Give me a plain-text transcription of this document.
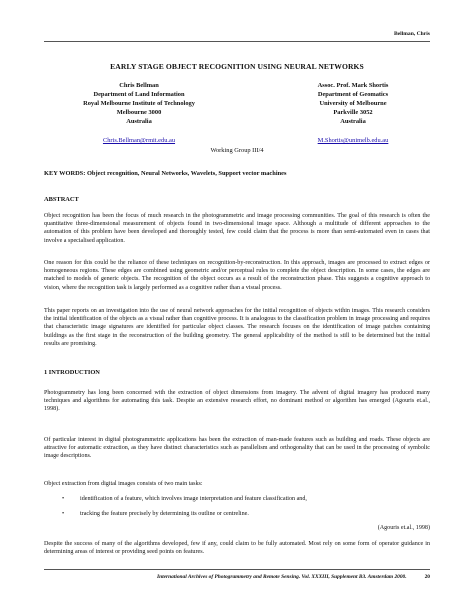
Bellman, Chris
EARLY STAGE OBJECT RECOGNITION USING NEURAL NETWORKS
Chris Bellman
Department of Land Information
Royal Melbourne Institute of Technology
Melbourne 3000
Australia
Chris.Bellman@rmit.edu.au
Assoc. Prof. Mark Shortis
Department of Geomatics
University of Melbourne
Parkville 3052
Australia
M.Shortis@unimelb.edu.au
Working Group III/4
KEY WORDS: Object recognition, Neural Networks, Wavelets, Support vector machines
ABSTRACT
Object recognition has been the focus of much research in the photogrammetric and image processing communities. The goal of this research is often the quantitative three-dimensional measurement of objects found in two-dimensional image space. Although a multitude of different approaches to the automation of this problem have been developed and thoroughly tested, few could claim that the process is more than semi-automated even in cases that involve a specialised application.
One reason for this could be the reliance of these techniques on recognition-by-reconstruction. In this approach, images are processed to extract edges or homogeneous regions. These edges are combined using geometric and/or perceptual rules to complete the object description. In some cases, the edges are matched to models of generic objects. The recognition of the object occurs as a result of the reconstruction phase. This suggests a cognitive approach to vision, where the recognition task is largely performed as a cognitive rather than a visual process.
This paper reports on an investigation into the use of neural network approaches for the initial recognition of objects within images. This research considers the initial identification of the objects as a visual rather than cognitive process. It is analogous to the classification problem in image processing and requires that characteristic image signatures are identified for particular object classes. The research focuses on the identification of image patches containing buildings as the first stage in the reconstruction of the building geometry. The general applicability of the method is still to be determined but the initial results are promising.
1 INTRODUCTION
Photogrammetry has long been concerned with the extraction of object dimensions from imagery. The advent of digital imagery has produced many techniques and algorithms for automating this task. Despite an extensive research effort, no dominant method or algorithm has emerged (Agouris et.al., 1998).
Of particular interest in digital photogrammetric applications has been the extraction of man-made features such as building and roads. These objects are attractive for automatic extraction, as they have distinct characteristics such as parallelism and orthogonality that can be used in the processing of symbolic image descriptions.
Object extraction from digital images consists of two main tasks:
•	identification of a feature, which involves image interpretation and feature classification and,
•	tracking the feature precisely by determining its outline or centreline.
(Agouris et.al., 1998)
Despite the success of many of the algorithms developed, few if any, could claim to be fully automated. Most rely on some form of operator guidance in determining areas of interest or providing seed points on features.
International Archives of Photogrammetry and Remote Sensing. Vol. XXXIII, Supplement B3. Amsterdam 2000.	20
